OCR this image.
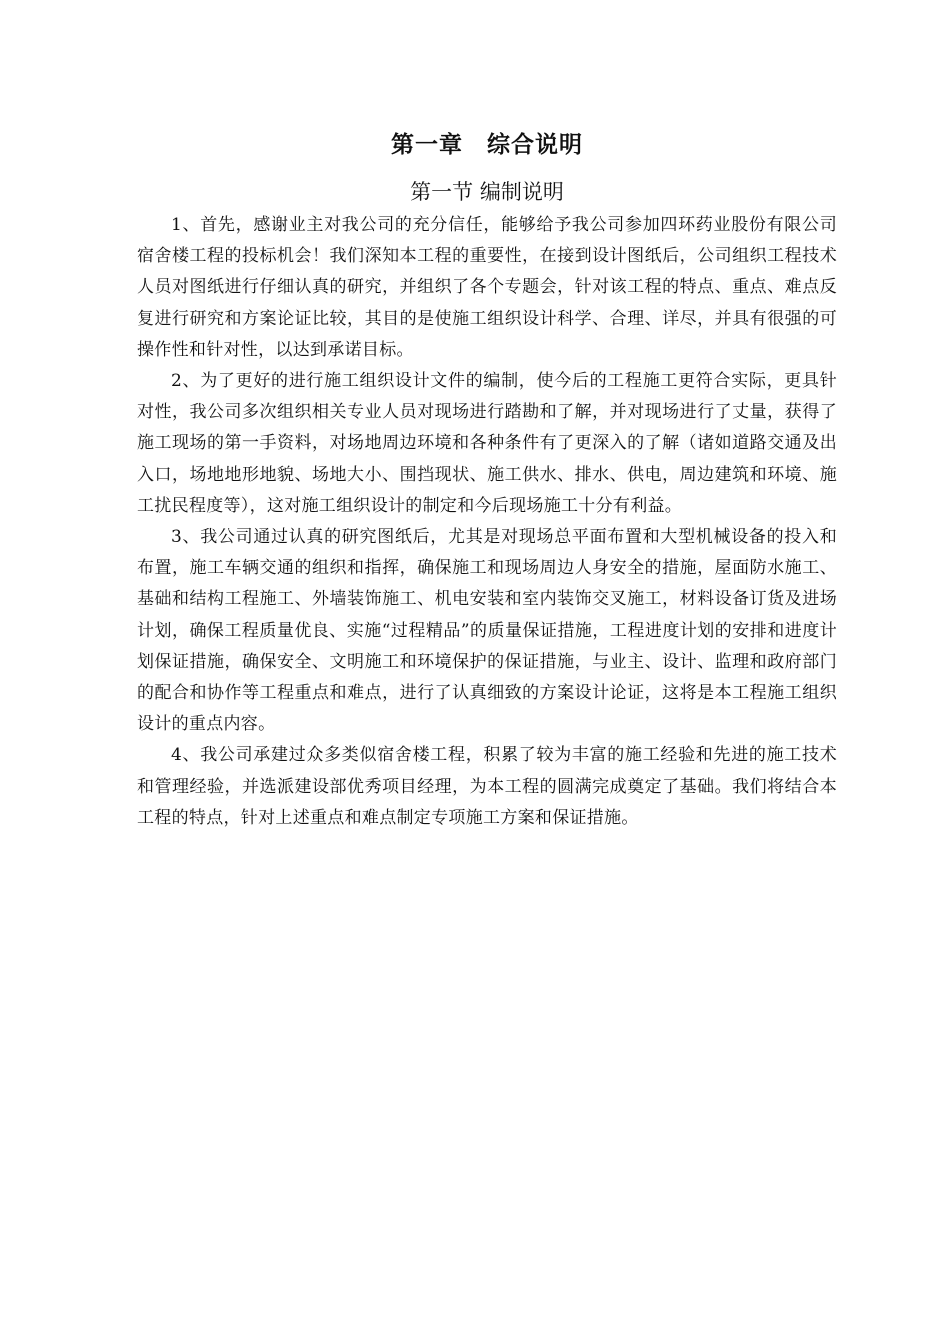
第一章　综合说明
第一节 编制说明

1、首先，感谢业主对我公司的充分信任，能够给予我公司参加四环药业股份有限公司宿舍楼工程的投标机会！我们深知本工程的重要性，在接到设计图纸后，公司组织工程技术人员对图纸进行仔细认真的研究，并组织了各个专题会，针对该工程的特点、重点、难点反复进行研究和方案论证比较，其目的是使施工组织设计科学、合理、详尽，并具有很强的可操作性和针对性，以达到承诺目标。

2、为了更好的进行施工组织设计文件的编制，使今后的工程施工更符合实际，更具针对性，我公司多次组织相关专业人员对现场进行踏勘和了解，并对现场进行了丈量，获得了施工现场的第一手资料，对场地周边环境和各种条件有了更深入的了解（诸如道路交通及出入口，场地地形地貌、场地大小、围挡现状、施工供水、排水、供电，周边建筑和环境、施工扰民程度等），这对施工组织设计的制定和今后现场施工十分有利益。

3、我公司通过认真的研究图纸后，尤其是对现场总平面布置和大型机械设备的投入和布置，施工车辆交通的组织和指挥，确保施工和现场周边人身安全的措施，屋面防水施工、基础和结构工程施工、外墙装饰施工、机电安装和室内装饰交叉施工，材料设备订货及进场计划，确保工程质量优良、实施“过程精品”的质量保证措施，工程进度计划的安排和进度计划保证措施，确保安全、文明施工和环境保护的保证措施，与业主、设计、监理和政府部门的配合和协作等工程重点和难点，进行了认真细致的方案设计论证，这将是本工程施工组织设计的重点内容。

4、我公司承建过众多类似宿舍楼工程，积累了较为丰富的施工经验和先进的施工技术和管理经验，并选派建设部优秀项目经理，为本工程的圆满完成奠定了基础。我们将结合本工程的特点，针对上述重点和难点制定专项施工方案和保证措施。
